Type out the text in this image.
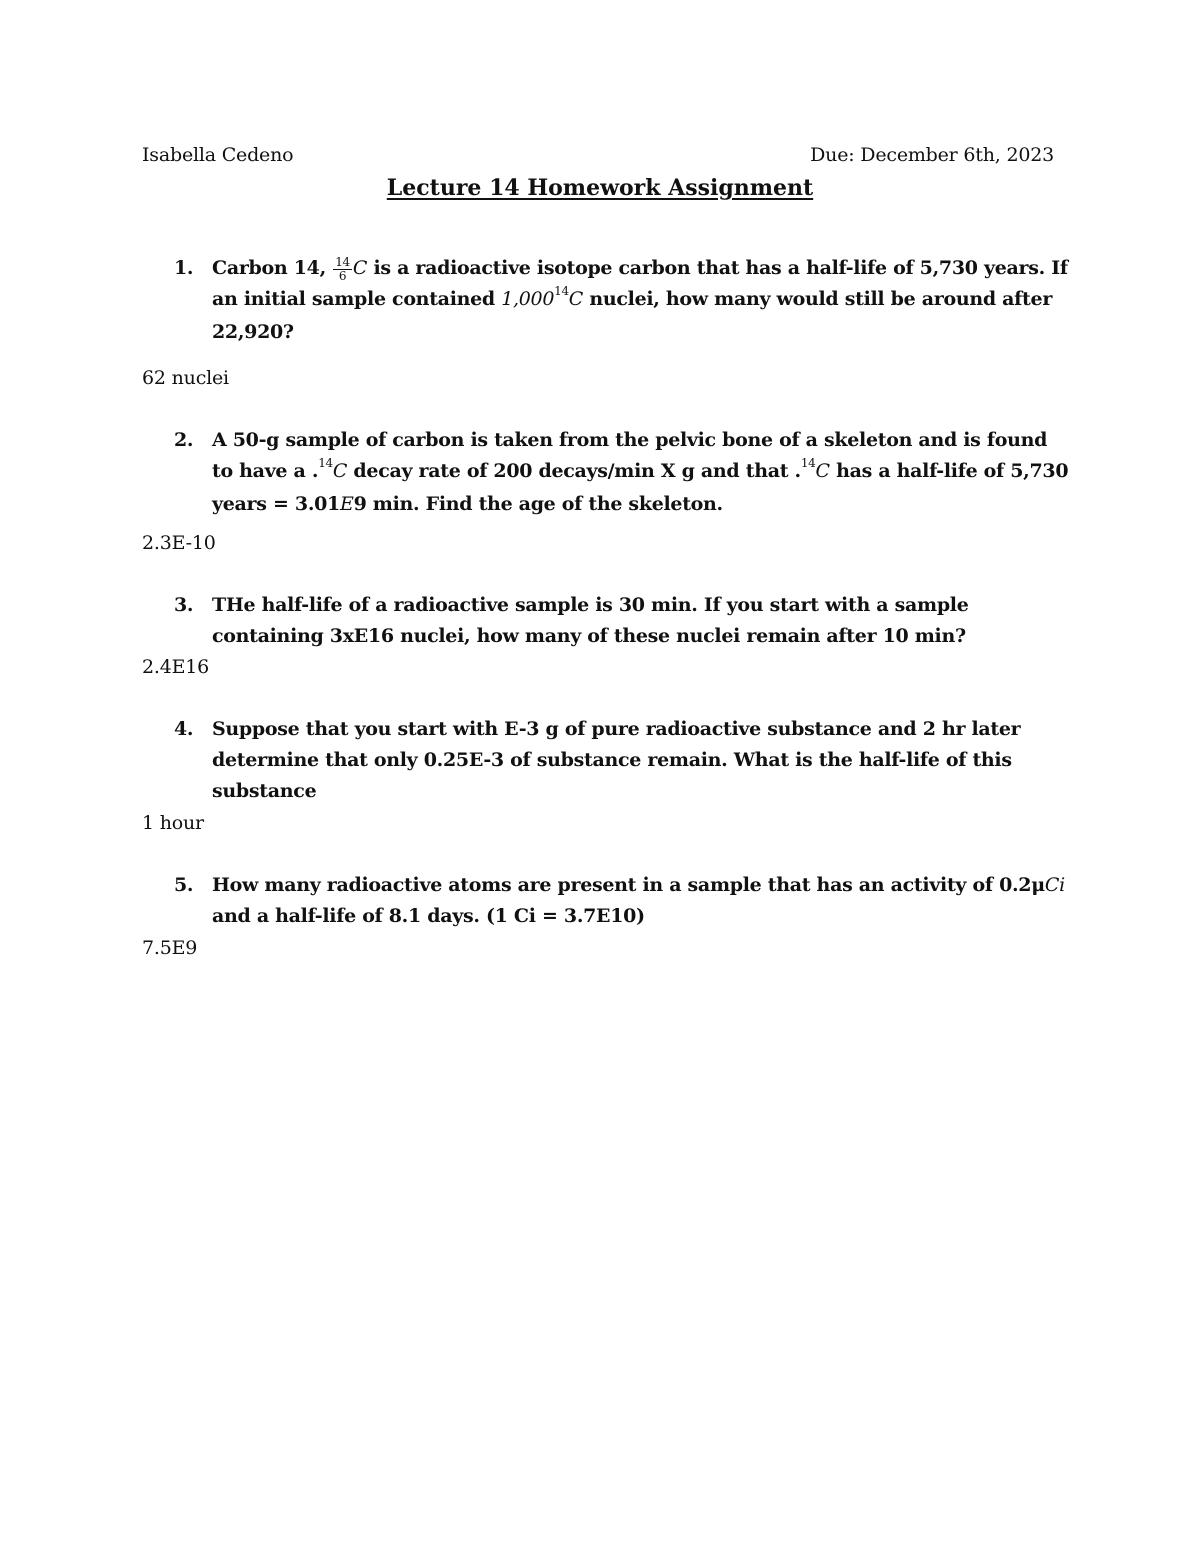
Isabella Cedeno	Due: December 6th, 2023
Lecture 14 Homework Assignment
1. Carbon 14, $\frac{14}{6}$ C is a radioactive isotope carbon that has a half-life of 5,730 years. If an initial sample contained 1,000$^{14}$C nuclei, how many would still be around after 22,920?
62 nuclei
2. A 50-g sample of carbon is taken from the pelvic bone of a skeleton and is found to have a .$^{14}$C decay rate of 200 decays/min X g and that .$^{14}$C has a half-life of 5,730 years = 3.01E9 min. Find the age of the skeleton.
2.3E-10
3. THe half-life of a radioactive sample is 30 min. If you start with a sample containing 3xE16 nuclei, how many of these nuclei remain after 10 min?
2.4E16
4. Suppose that you start with E-3 g of pure radioactive substance and 2 hr later determine that only 0.25E-3 of substance remain. What is the half-life of this substance
1 hour
5. How many radioactive atoms are present in a sample that has an activity of 0.2μCi and a half-life of 8.1 days. (1 Ci = 3.7E10)
7.5E9
